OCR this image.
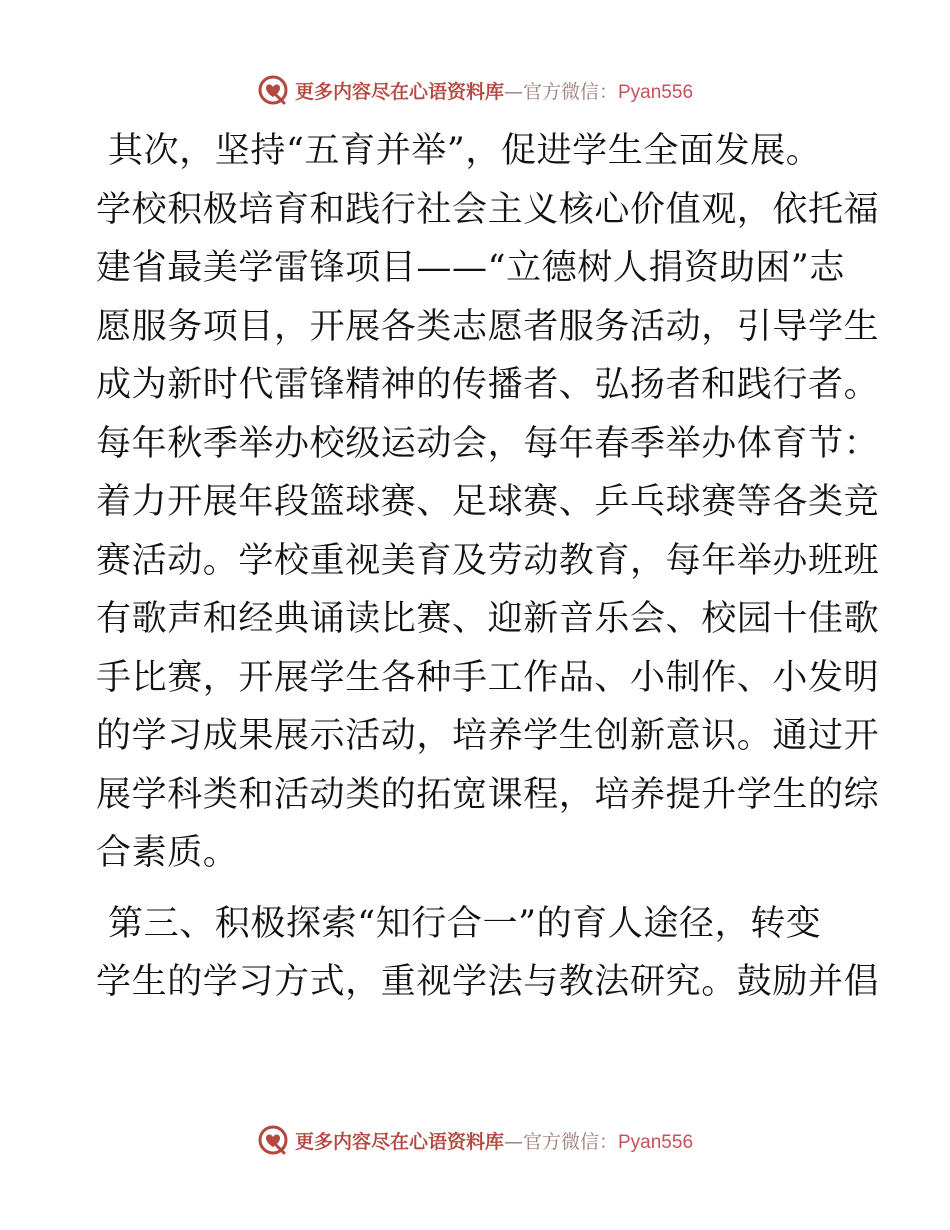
更多内容尽在心语资料库—官方微信：Pyan556
其次，坚持“五育并举”，促进学生全面发展。
学校积极培育和践行社会主义核心价值观，依托福
建省最美学雷锋项目——“立德树人捐资助困”志
愿服务项目，开展各类志愿者服务活动，引导学生
成为新时代雷锋精神的传播者、弘扬者和践行者。
每年秋季举办校级运动会，每年春季举办体育节：
着力开展年段篮球赛、足球赛、乒乓球赛等各类竞
赛活动。学校重视美育及劳动教育，每年举办班班
有歌声和经典诵读比赛、迎新音乐会、校园十佳歌
手比赛，开展学生各种手工作品、小制作、小发明
的学习成果展示活动，培养学生创新意识。通过开
展学科类和活动类的拓宽课程，培养提升学生的综
合素质。
第三、积极探索“知行合一”的育人途径，转变
学生的学习方式，重视学法与教法研究。鼓励并倡
更多内容尽在心语资料库—官方微信：Pyan556
